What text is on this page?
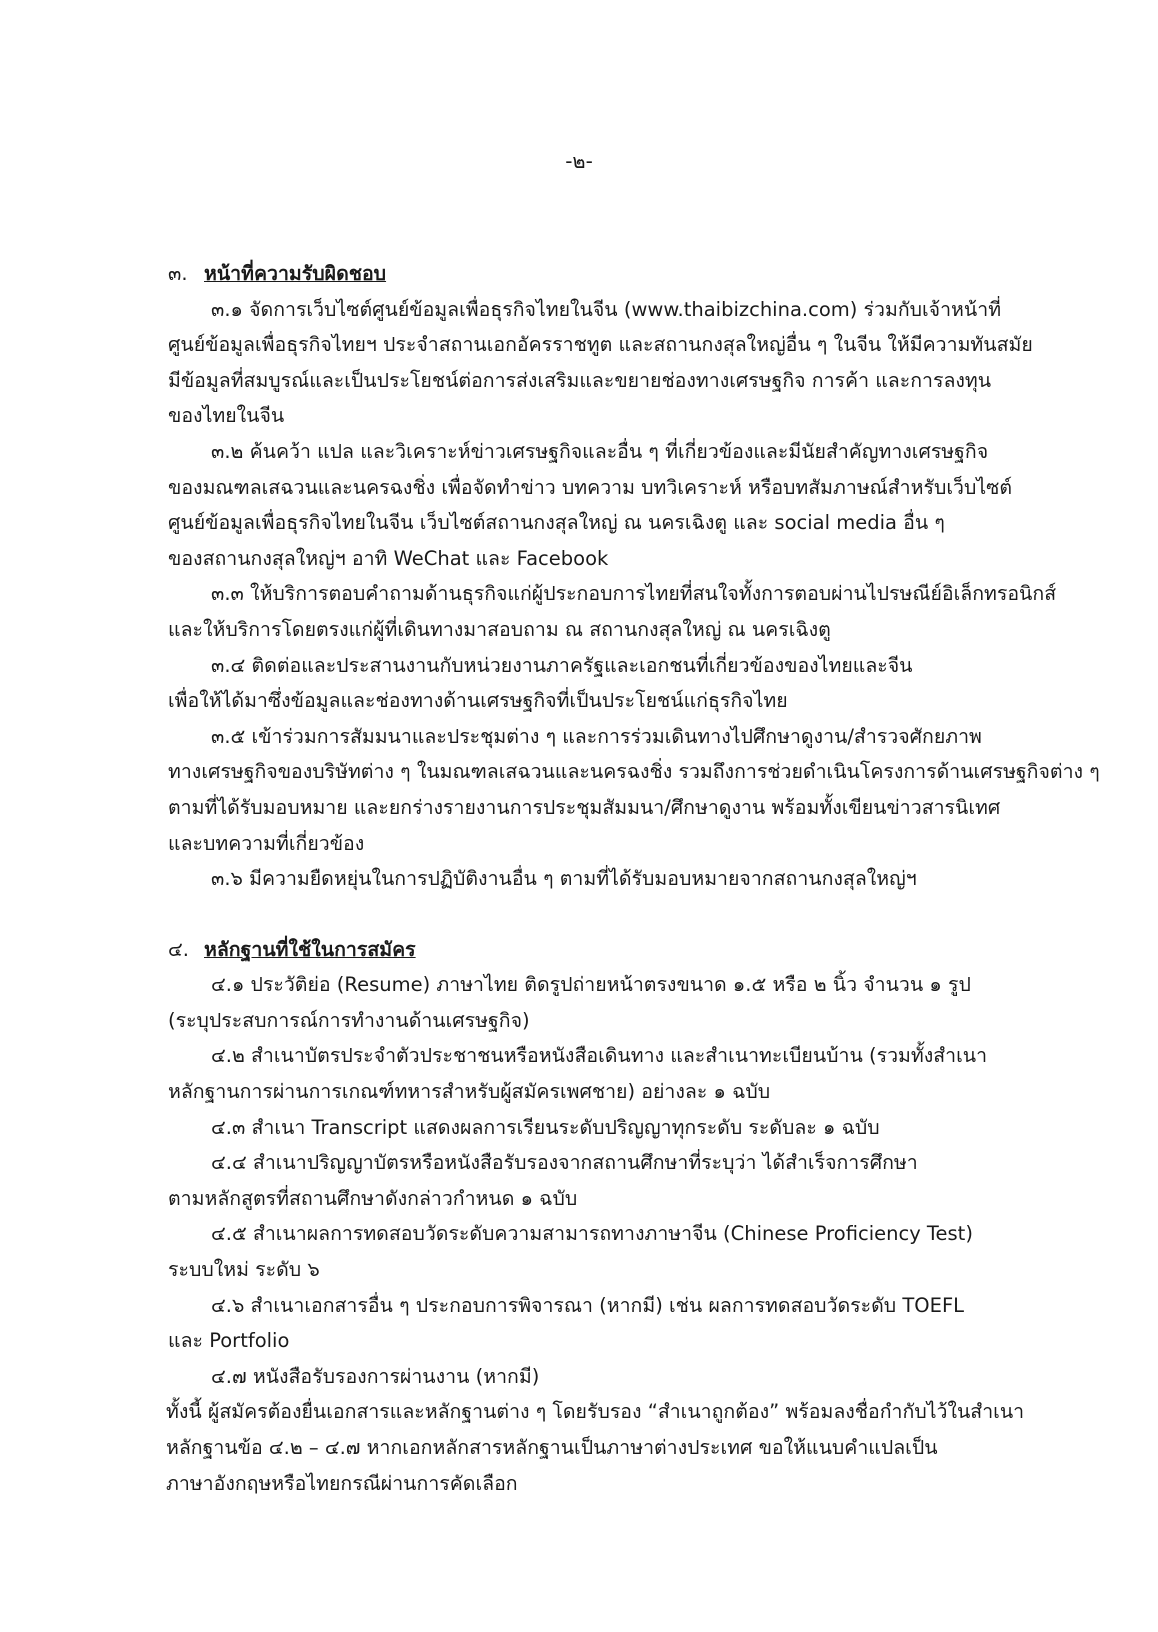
-๒-
๓. หน้าที่ความรับผิดชอบ
๓.๑ จัดการเว็บไซต์ศูนย์ข้อมูลเพื่อธุรกิจไทยในจีน (www.thaibizchina.com) ร่วมกับเจ้าหน้าที่
ศูนย์ข้อมูลเพื่อธุรกิจไทยฯ ประจำสถานเอกอัครราชทูต และสถานกงสุลใหญ่อื่น ๆ ในจีน ให้มีความทันสมัย
มีข้อมูลที่สมบูรณ์และเป็นประโยชน์ต่อการส่งเสริมและขยายช่องทางเศรษฐกิจ การค้า และการลงทุน
ของไทยในจีน
๓.๒ ค้นคว้า แปล และวิเคราะห์ข่าวเศรษฐกิจและอื่น ๆ ที่เกี่ยวข้องและมีนัยสำคัญทางเศรษฐกิจ
ของมณฑลเสฉวนและนครฉงชิ่ง เพื่อจัดทำข่าว บทความ บทวิเคราะห์ หรือบทสัมภาษณ์สำหรับเว็บไซต์
ศูนย์ข้อมูลเพื่อธุรกิจไทยในจีน เว็บไซต์สถานกงสุลใหญ่ ณ นครเฉิงตู และ social media อื่น ๆ
ของสถานกงสุลใหญ่ฯ อาทิ WeChat และ Facebook
๓.๓ ให้บริการตอบคำถามด้านธุรกิจแก่ผู้ประกอบการไทยที่สนใจทั้งการตอบผ่านไปรษณีย์อิเล็กทรอนิกส์
และให้บริการโดยตรงแก่ผู้ที่เดินทางมาสอบถาม ณ สถานกงสุลใหญ่ ณ นครเฉิงตู
๓.๔ ติดต่อและประสานงานกับหน่วยงานภาครัฐและเอกชนที่เกี่ยวข้องของไทยและจีน
เพื่อให้ได้มาซึ่งข้อมูลและช่องทางด้านเศรษฐกิจที่เป็นประโยชน์แก่ธุรกิจไทย
๓.๕ เข้าร่วมการสัมมนาและประชุมต่าง ๆ และการร่วมเดินทางไปศึกษาดูงาน/สำรวจศักยภาพ
ทางเศรษฐกิจของบริษัทต่าง ๆ ในมณฑลเสฉวนและนครฉงชิ่ง รวมถึงการช่วยดำเนินโครงการด้านเศรษฐกิจต่าง ๆ
ตามที่ได้รับมอบหมาย และยกร่างรายงานการประชุมสัมมนา/ศึกษาดูงาน พร้อมทั้งเขียนข่าวสารนิเทศ
และบทความที่เกี่ยวข้อง
๓.๖ มีความยืดหยุ่นในการปฏิบัติงานอื่น ๆ ตามที่ได้รับมอบหมายจากสถานกงสุลใหญ่ฯ
๔. หลักฐานที่ใช้ในการสมัคร
๔.๑ ประวัติย่อ (Resume) ภาษาไทย ติดรูปถ่ายหน้าตรงขนาด ๑.๕ หรือ ๒ นิ้ว จำนวน ๑ รูป
(ระบุประสบการณ์การทำงานด้านเศรษฐกิจ)
๔.๒ สำเนาบัตรประจำตัวประชาชนหรือหนังสือเดินทาง และสำเนาทะเบียนบ้าน (รวมทั้งสำเนา
หลักฐานการผ่านการเกณฑ์ทหารสำหรับผู้สมัครเพศชาย) อย่างละ ๑ ฉบับ
๔.๓ สำเนา Transcript แสดงผลการเรียนระดับปริญญาทุกระดับ ระดับละ ๑ ฉบับ
๔.๔ สำเนาปริญญาบัตรหรือหนังสือรับรองจากสถานศึกษาที่ระบุว่า ได้สำเร็จการศึกษา
ตามหลักสูตรที่สถานศึกษาดังกล่าวกำหนด ๑ ฉบับ
๔.๕ สำเนาผลการทดสอบวัดระดับความสามารถทางภาษาจีน (Chinese Proficiency Test)
ระบบใหม่ ระดับ ๖
๔.๖ สำเนาเอกสารอื่น ๆ ประกอบการพิจารณา (หากมี) เช่น ผลการทดสอบวัดระดับ TOEFL
และ Portfolio
๔.๗ หนังสือรับรองการผ่านงาน (หากมี)
ทั้งนี้ ผู้สมัครต้องยื่นเอกสารและหลักฐานต่าง ๆ โดยรับรอง “สำเนาถูกต้อง” พร้อมลงชื่อกำกับไว้ในสำเนา
หลักฐานข้อ ๔.๒ – ๔.๗ หากเอกหลักสารหลักฐานเป็นภาษาต่างประเทศ ขอให้แนบคำแปลเป็น
ภาษาอังกฤษหรือไทยกรณีผ่านการคัดเลือก
